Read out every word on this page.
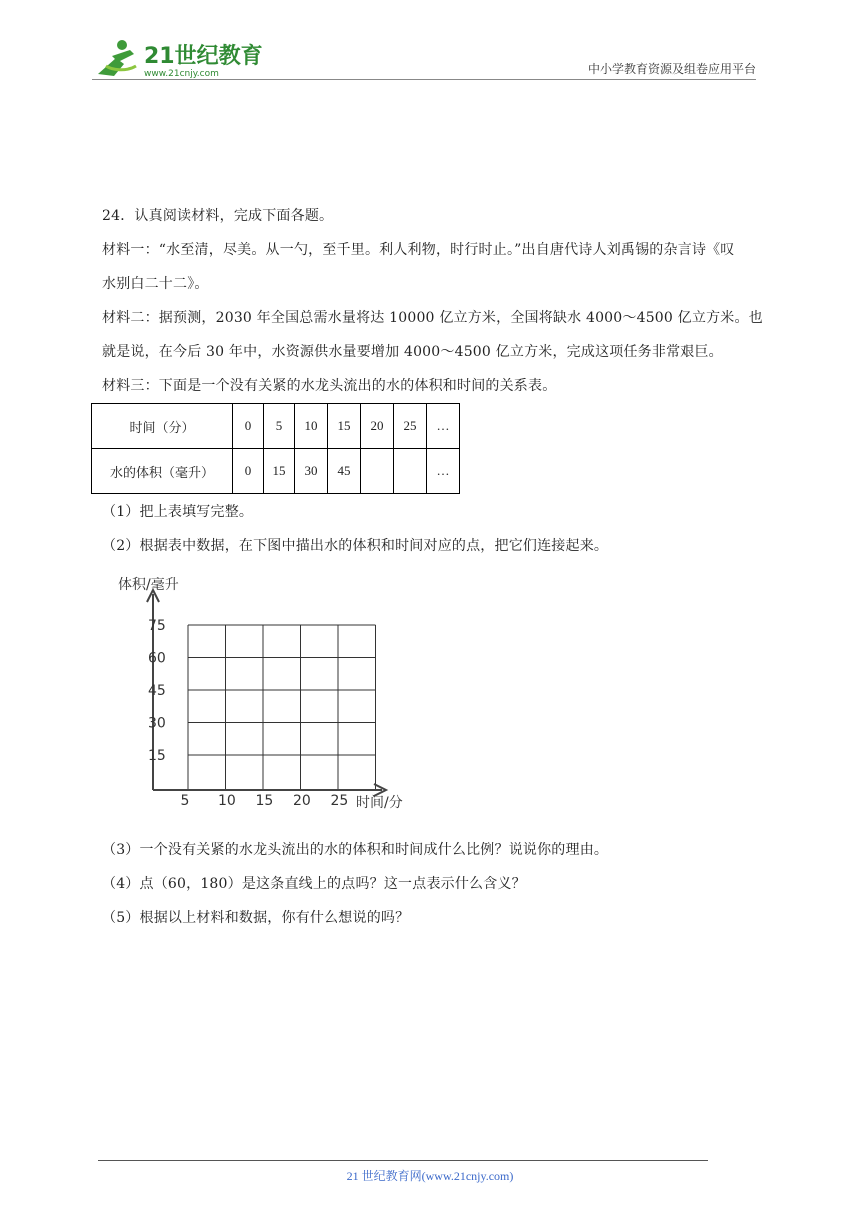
21世纪教育
www.21cnjy.com	中小学教育资源及组卷应用平台
24．认真阅读材料，完成下面各题。
材料一：“水至清，尽美。从一勺，至千里。利人利物，时行时止。”出自唐代诗人刘禹锡的杂言诗《叹
水别白二十二》。
材料二：据预测，2030 年全国总需水量将达 10000 亿立方米，全国将缺水 4000～4500 亿立方米。也
就是说，在今后 30 年中，水资源供水量要增加 4000～4500 亿立方米，完成这项任务非常艰巨。
材料三：下面是一个没有关紧的水龙头流出的水的体积和时间的关系表。
时间（分）	0	5	10	15	20	25	…
水的体积（毫升）	0	15	30	45			…
（1）把上表填写完整。
（2）根据表中数据，在下图中描出水的体积和时间对应的点，把它们连接起来。
15
30
45
60
75
5 10 15 20 25
体积/毫升
时间/分
（3）一个没有关紧的水龙头流出的水的体积和时间成什么比例？说说你的理由。
（4）点（60，180）是这条直线上的点吗？这一点表示什么含义？
（5）根据以上材料和数据，你有什么想说的吗？
21 世纪教育网(www.21cnjy.com)
